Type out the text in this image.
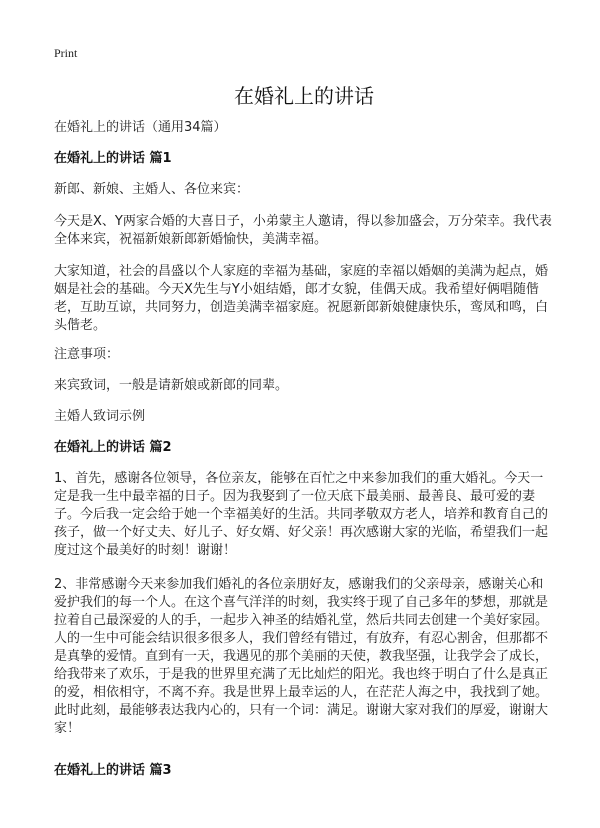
Print
在婚礼上的讲话
在婚礼上的讲话（通用34篇）
在婚礼上的讲话 篇1
新郎、新娘、主婚人、各位来宾：
今天是X、Y两家合婚的大喜日子，小弟蒙主人邀请，得以参加盛会，万分荣幸。我代表全体来宾，祝福新娘新郎新婚愉快，美满幸福。
大家知道，社会的昌盛以个人家庭的幸福为基础，家庭的幸福以婚姻的美满为起点，婚姻是社会的基础。今天X先生与Y小姐结婚，郎才女貌，佳偶天成。我希望好俩唱随偕老，互助互谅，共同努力，创造美满幸福家庭。祝愿新郎新娘健康快乐，鸾凤和鸣，白头偕老。
注意事项：
来宾致词，一般是请新娘或新郎的同辈。
主婚人致词示例
在婚礼上的讲话 篇2
1、首先，感谢各位领导，各位亲友，能够在百忙之中来参加我们的重大婚礼。今天一定是我一生中最幸福的日子。因为我娶到了一位天底下最美丽、最善良、最可爱的妻子。今后我一定会给于她一个幸福美好的生活。共同孝敬双方老人，培养和教育自己的孩子，做一个好丈夫、好儿子、好女婿、好父亲！再次感谢大家的光临，希望我们一起度过这个最美好的时刻！谢谢！
2、非常感谢今天来参加我们婚礼的各位亲朋好友，感谢我们的父亲母亲，感谢关心和爱护我们的每一个人。在这个喜气洋洋的时刻，我实终于现了自己多年的梦想，那就是拉着自己最深爱的人的手，一起步入神圣的结婚礼堂，然后共同去创建一个美好家园。人的一生中可能会结识很多很多人，我们曾经有错过，有放弃，有忍心割舍，但那都不是真挚的爱情。直到有一天，我遇见的那个美丽的天使，教我坚强，让我学会了成长，给我带来了欢乐，于是我的世界里充满了无比灿烂的阳光。我也终于明白了什么是真正的爱，相依相守，不离不弃。我是世界上最幸运的人，在茫茫人海之中，我找到了她。此时此刻，最能够表达我内心的，只有一个词：满足。谢谢大家对我们的厚爱，谢谢大家！
在婚礼上的讲话 篇3
